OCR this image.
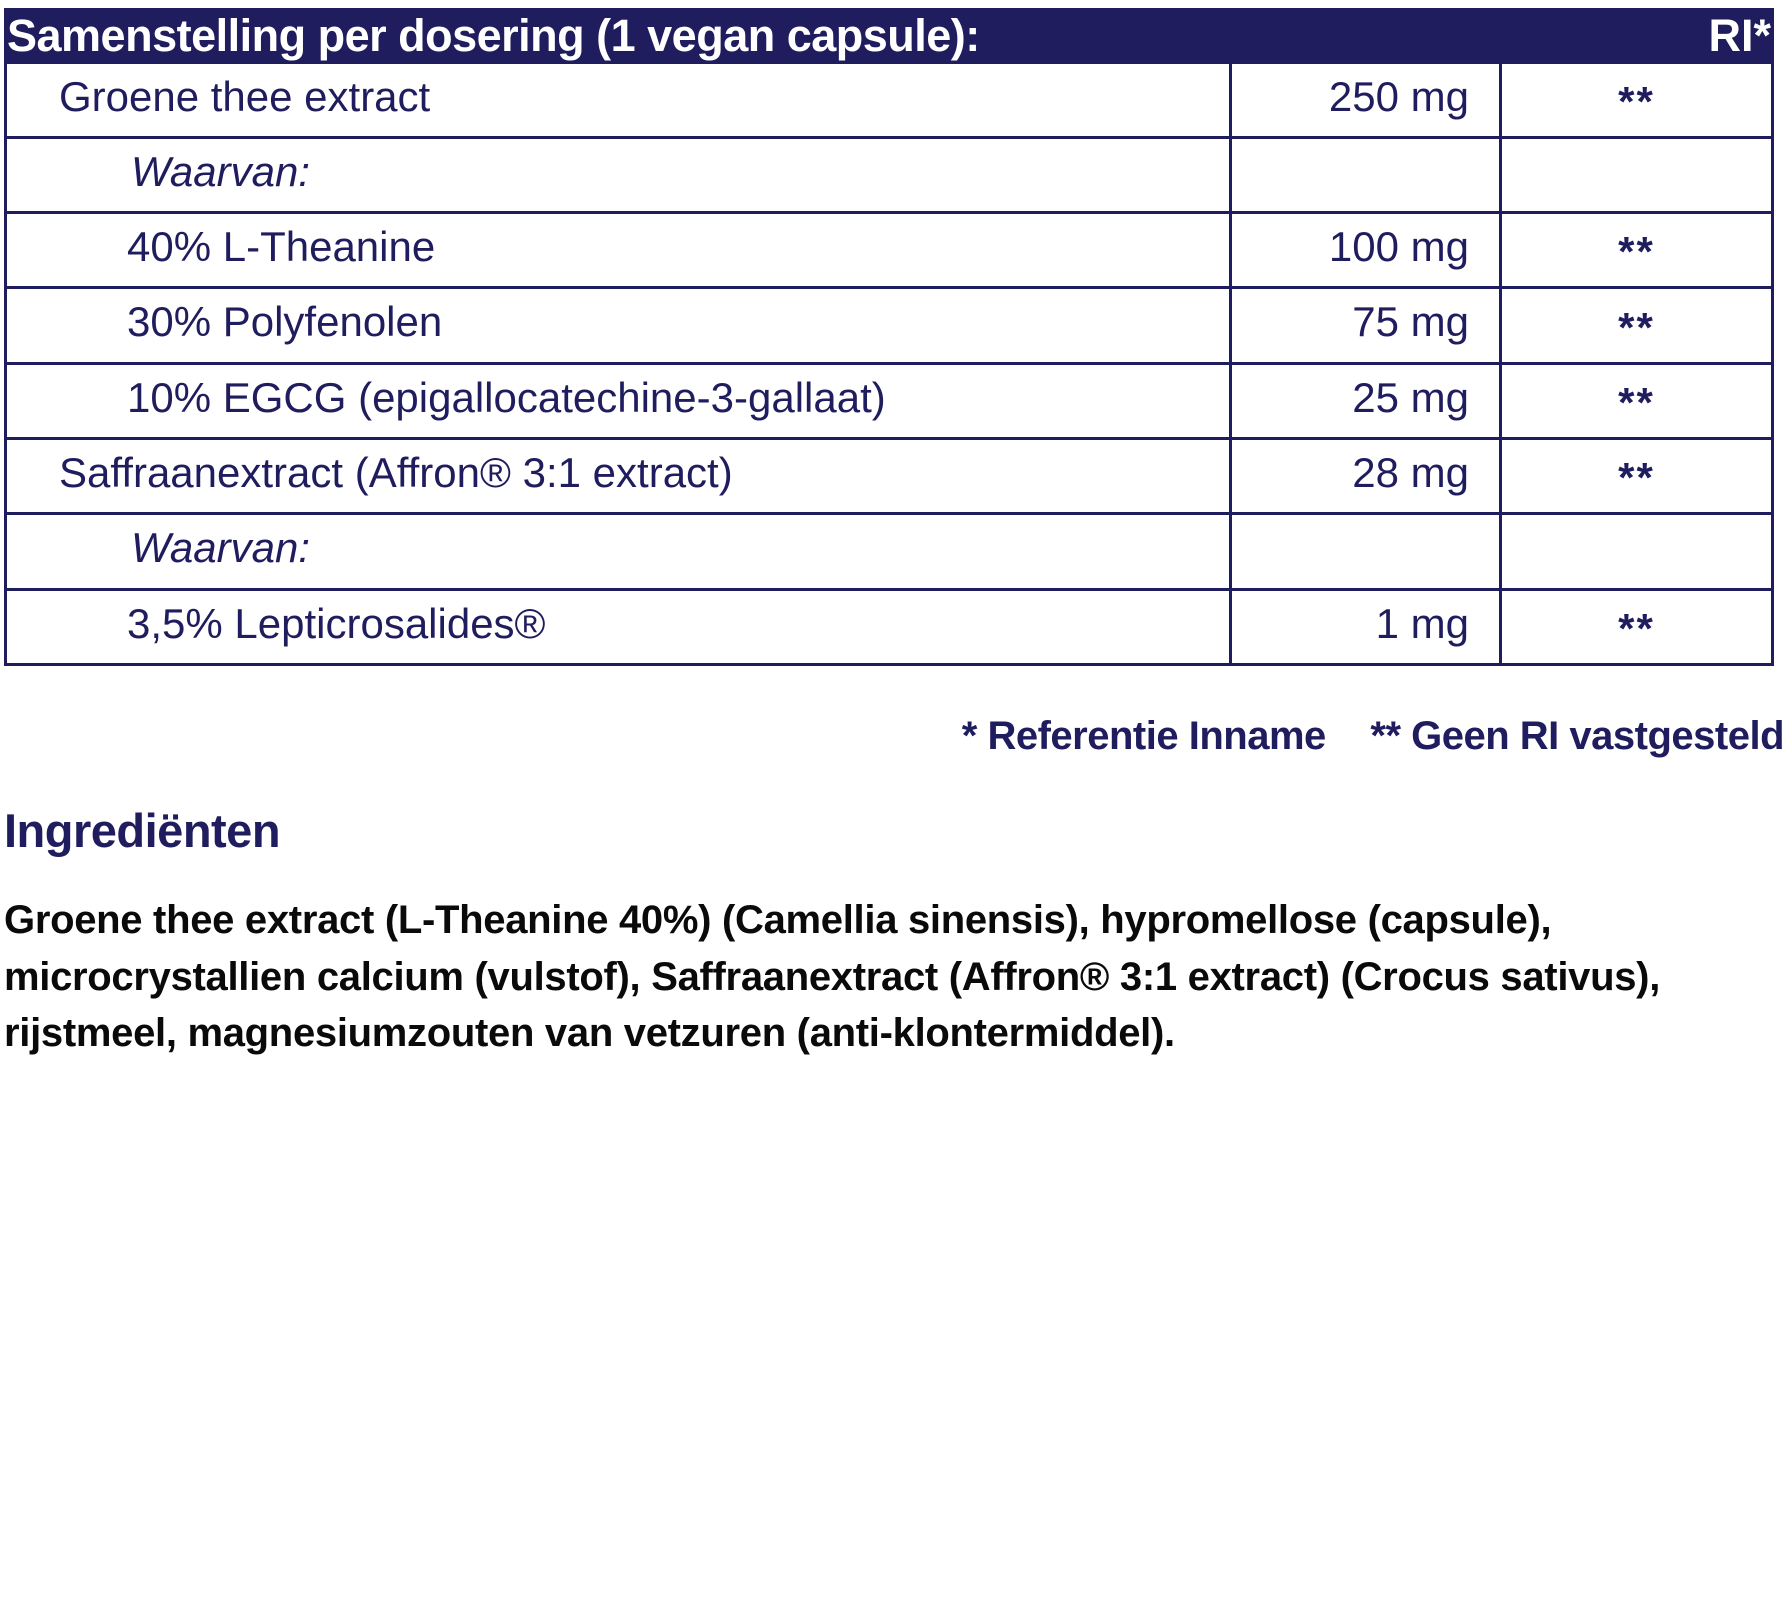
Samenstelling per dosering (1 vegan capsule):	RI*	
Groene thee extract	250 mg	**
Waarvan:		
40% L-Theanine	100 mg	**
30% Polyfenolen	75 mg	**
10% EGCG (epigallocatechine-3-gallaat)	25 mg	**
Saffraanextract (Affron® 3:1 extract)	28 mg	**
Waarvan:		
3,5% Lepticrosalides®	1 mg	**
* Referentie Inname ** Geen RI vastgesteld
Ingrediënten
Groene thee extract (L-Theanine 40%) (Camellia sinensis), hypromellose (capsule), microcrystallien calcium (vulstof), Saffraanextract (Affron® 3:1 extract) (Crocus sativus), rijstmeel, magnesiumzouten van vetzuren (anti-klontermiddel).
